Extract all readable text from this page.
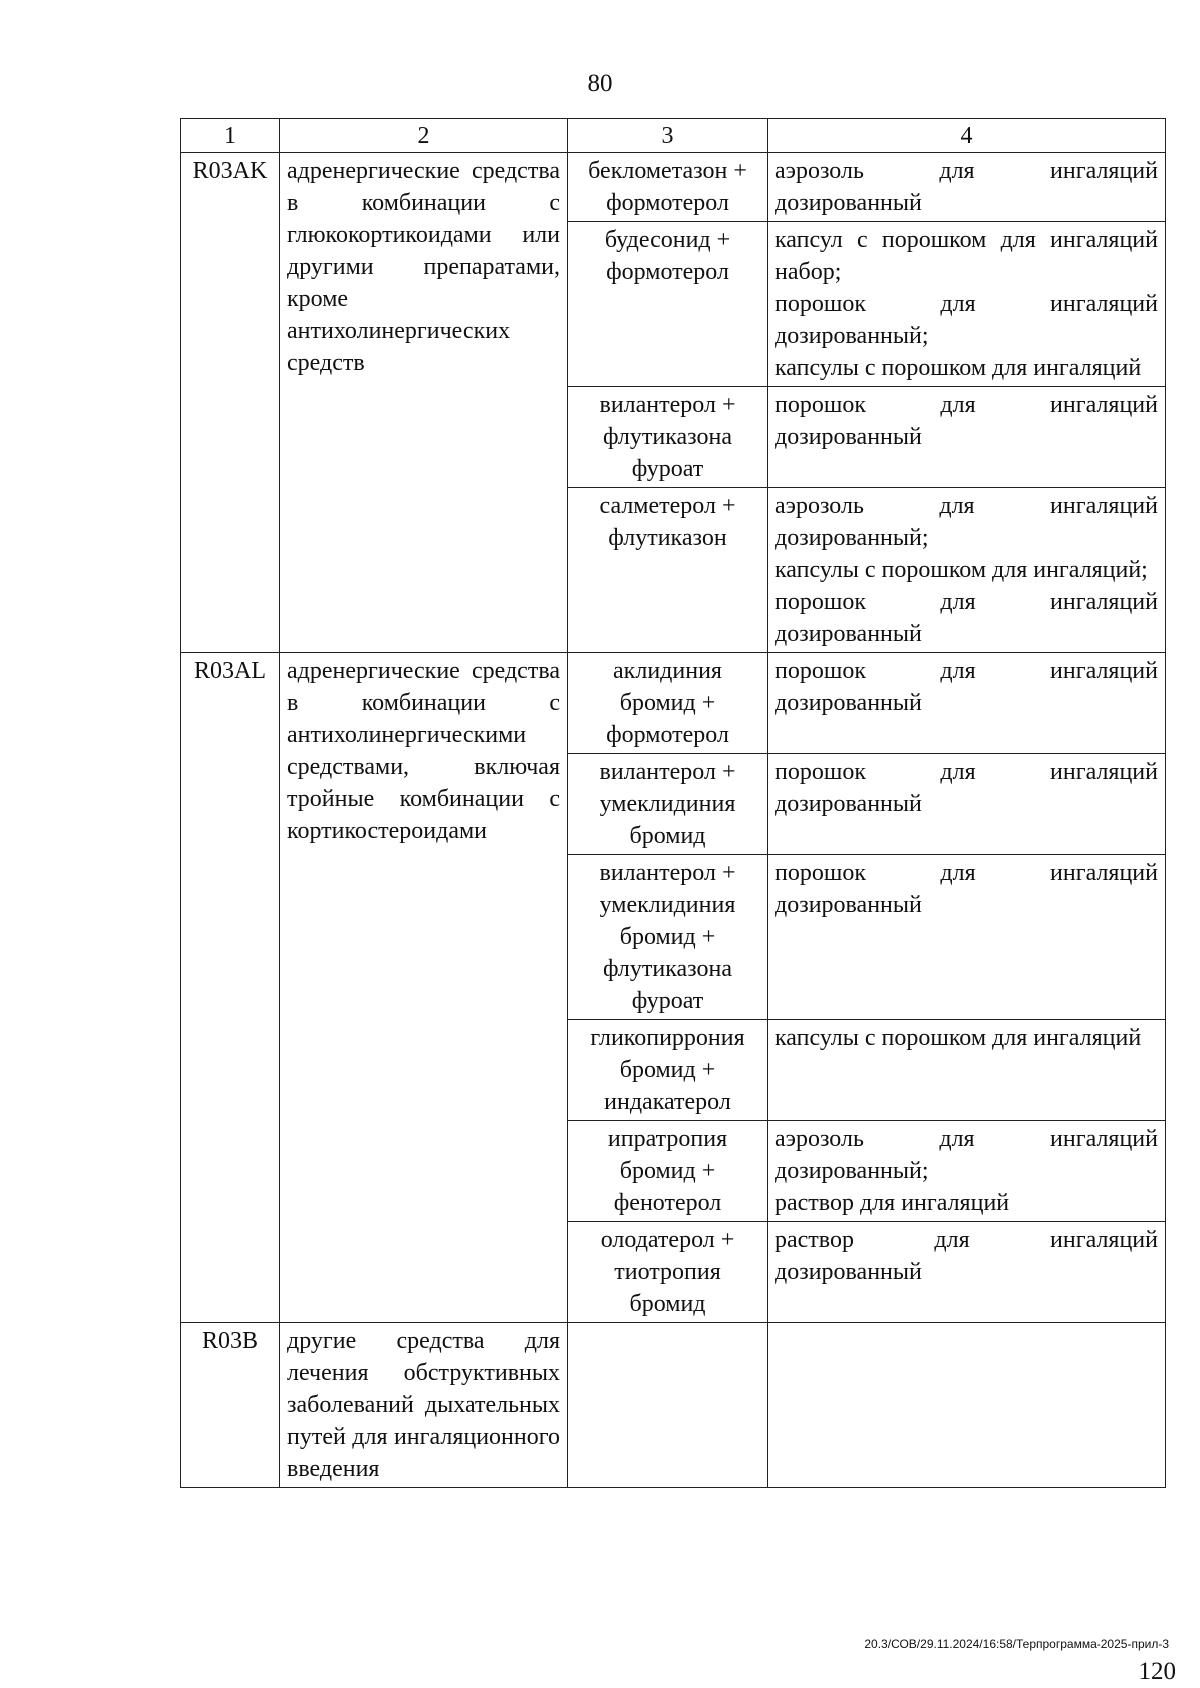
80
1	2	3	4
R03AK	адренергические средства в комбинации с глюкокортикоидами или другими препаратами, кроме антихолинергических средств	беклометазон + формотерол	аэрозоль для ингаляций дозированный

		будесонид + формотерол	капсул с порошком для ингаляций набор;
порошок для ингаляций дозированный;
капсулы с порошком для ингаляций

		вилантерол + флутиказона фуроат	порошок для ингаляций дозированный

		салметерол + флутиказон	аэрозоль для ингаляций дозированный;
капсулы с порошком для ингаляций;
порошок для ингаляций дозированный

R03AL	адренергические средства в комбинации с антихолинергическими средствами, включая тройные комбинации с кортикостероидами	аклидиния бромид + формотерол	порошок для ингаляций дозированный

		вилантерол + умеклидиния бромид	порошок для ингаляций дозированный

		вилантерол + умеклидиния бромид + флутиказона фуроат	порошок для ингаляций дозированный

		гликопиррония бромид + индакатерол	капсулы с порошком для ингаляций

		ипратропия бромид + фенотерол	аэрозоль для ингаляций дозированный;
раствор для ингаляций

		олодатерол + тиотропия бромид	раствор для ингаляций дозированный

R03B	другие средства для лечения обструктивных заболеваний дыхательных путей для ингаляционного введения		
20.3/СОВ/29.11.2024/16:58/Терпрограмма-2025-прил-3
120
